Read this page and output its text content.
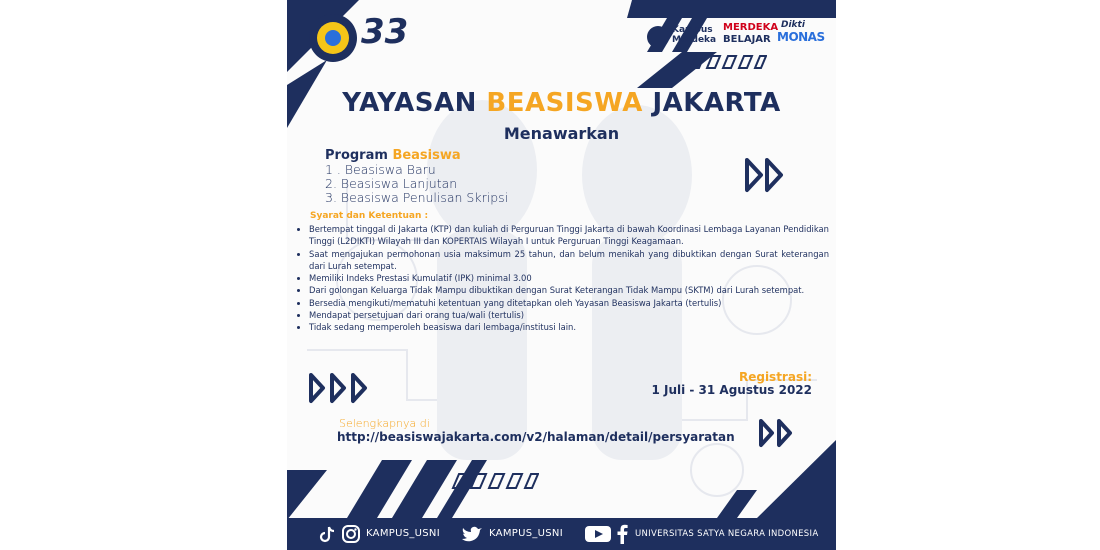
33	Kampus Merdeka
MERDEKA
BELAJAR
Dikti
MONAS
YAYASAN BEASISWA JAKARTA
Menawarkan
Program Beasiswa
1 . Beasiswa Baru
2. Beasiswa Lanjutan
3. Beasiswa Penulisan Skripsi
Syarat dan Ketentuan :
• Bertempat tinggal di Jakarta (KTP) dan kuliah di Perguruan Tinggi Jakarta di bawah Koordinasi Lembaga Layanan Pendidikan Tinggi (L2DIKTI) Wilayah III dan KOPERTAIS Wilayah I untuk Perguruan Tinggi Keagamaan.
• Saat mengajukan permohonan usia maksimum 25 tahun, dan belum menikah yang dibuktikan dengan Surat keterangan dari Lurah setempat.
• Memiliki Indeks Prestasi Kumulatif (IPK) minimal 3.00
• Dari golongan Keluarga Tidak Mampu dibuktikan dengan Surat Keterangan Tidak Mampu (SKTM) dari Lurah setempat.
• Bersedia mengikuti/mematuhi ketentuan yang ditetapkan oleh Yayasan Beasiswa Jakarta (tertulis)
• Mendapat persetujuan dari orang tua/wali (tertulis)
• Tidak sedang memperoleh beasiswa dari lembaga/institusi lain.
Registrasi:
1 Juli - 31 Agustus 2022
Selengkapnya di
http://beasiswajakarta.com/v2/halaman/detail/persyaratan
KAMPUS_USNI	KAMPUS_USNI	UNIVERSITAS SATYA NEGARA INDONESIA
